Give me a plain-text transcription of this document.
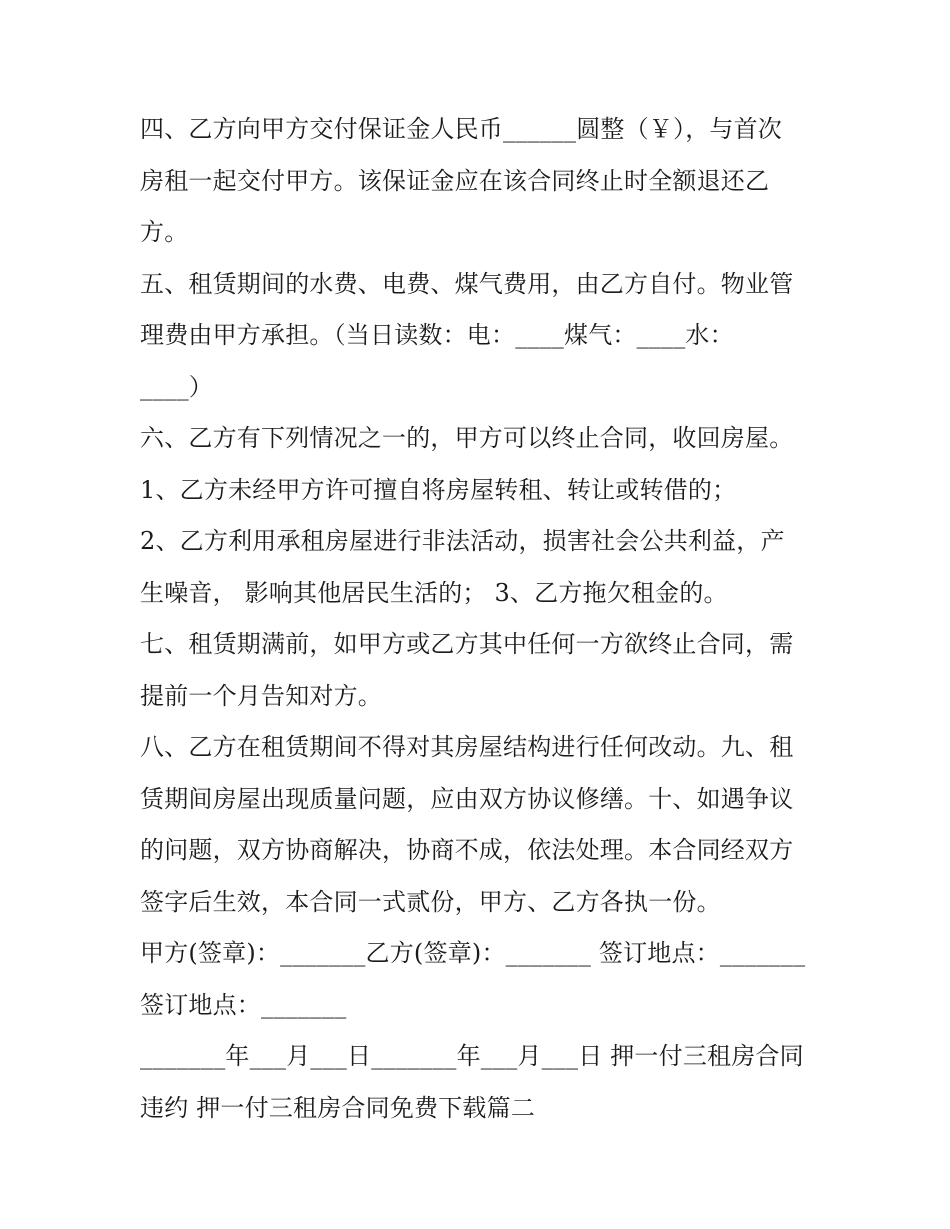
四、乙方向甲方交付保证金人民币______圆整（￥），与首次
房租一起交付甲方。该保证金应在该合同终止时全额退还乙
方。
五、租赁期间的水费、电费、煤气费用，由乙方自付。物业管
理费由甲方承担。（当日读数：电：____煤气：____水：
____）
六、乙方有下列情况之一的，甲方可以终止合同，收回房屋。
1、乙方未经甲方许可擅自将房屋转租、转让或转借的；
2、乙方利用承租房屋进行非法活动，损害社会公共利益，产
生噪音， 影响其他居民生活的； 3、乙方拖欠租金的。
七、租赁期满前，如甲方或乙方其中任何一方欲终止合同，需
提前一个月告知对方。
八、乙方在租赁期间不得对其房屋结构进行任何改动。九、租
赁期间房屋出现质量问题，应由双方协议修缮。十、如遇争议
的问题，双方协商解决，协商不成，依法处理。本合同经双方
签字后生效，本合同一式贰份，甲方、乙方各执一份。
甲方(签章)：_______乙方(签章)：_______ 签订地点：_______
签订地点：_______
_______年___月___日_______年___月___日 押一付三租房合同
违约 押一付三租房合同免费下载篇二
